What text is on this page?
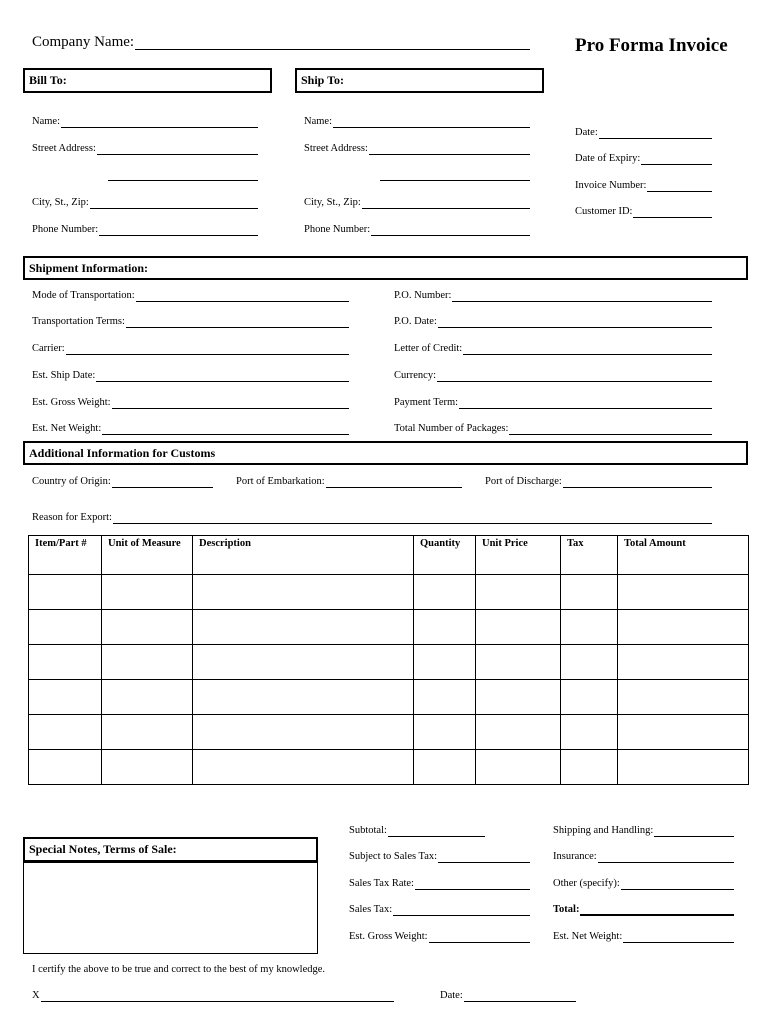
Company Name:	Pro Forma Invoice
Bill To:	Ship To:
Name:
Street Address:
City, St., Zip:
Phone Number:
Name:
Street Address:
City, St., Zip:
Phone Number:
Date:
Date of Expiry:
Invoice Number:
Customer ID:
Shipment Information:
Mode of Transportation:
Transportation Terms:
Carrier:
Est. Ship Date:
Est. Gross Weight:
Est. Net Weight:
P.O. Number:
P.O. Date:
Letter of Credit:
Currency:
Payment Term:
Total Number of Packages:
Additional Information for Customs
Country of Origin:	Port of Embarkation:	Port of Discharge:
Reason for Export:
Item/Part #	Unit of Measure	Description	Quantity	Unit Price	Tax	Total Amount

Special Notes, Terms of Sale:
Subtotal:
Subject to Sales Tax:
Sales Tax Rate:
Sales Tax:
Est. Gross Weight:
Shipping and Handling:
Insurance:
Other (specify):
Total:
Est. Net Weight:
I certify the above to be true and correct to the best of my knowledge.
X	Date:
